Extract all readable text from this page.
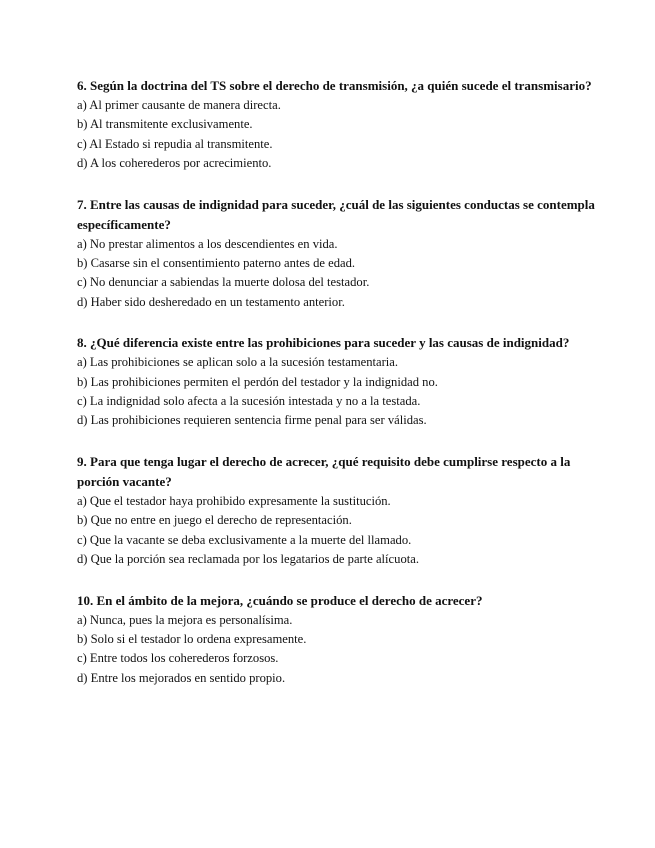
6. Según la doctrina del TS sobre el derecho de transmisión, ¿a quién sucede el transmisario?

a) Al primer causante de manera directa.
b) Al transmitente exclusivamente.
c) Al Estado si repudia al transmitente.
d) A los coherederos por acrecimiento.

7. Entre las causas de indignidad para suceder, ¿cuál de las siguientes conductas se contempla específicamente?

a) No prestar alimentos a los descendientes en vida.
b) Casarse sin el consentimiento paterno antes de edad.
c) No denunciar a sabiendas la muerte dolosa del testador.
d) Haber sido desheredado en un testamento anterior.

8. ¿Qué diferencia existe entre las prohibiciones para suceder y las causas de indignidad?

a) Las prohibiciones se aplican solo a la sucesión testamentaria.
b) Las prohibiciones permiten el perdón del testador y la indignidad no.
c) La indignidad solo afecta a la sucesión intestada y no a la testada.
d) Las prohibiciones requieren sentencia firme penal para ser válidas.

9. Para que tenga lugar el derecho de acrecer, ¿qué requisito debe cumplirse respecto a la porción vacante?

a) Que el testador haya prohibido expresamente la sustitución.
b) Que no entre en juego el derecho de representación.
c) Que la vacante se deba exclusivamente a la muerte del llamado.
d) Que la porción sea reclamada por los legatarios de parte alícuota.

10. En el ámbito de la mejora, ¿cuándo se produce el derecho de acrecer?

a) Nunca, pues la mejora es personalísima.
b) Solo si el testador lo ordena expresamente.
c) Entre todos los coherederos forzosos.
d) Entre los mejorados en sentido propio.
